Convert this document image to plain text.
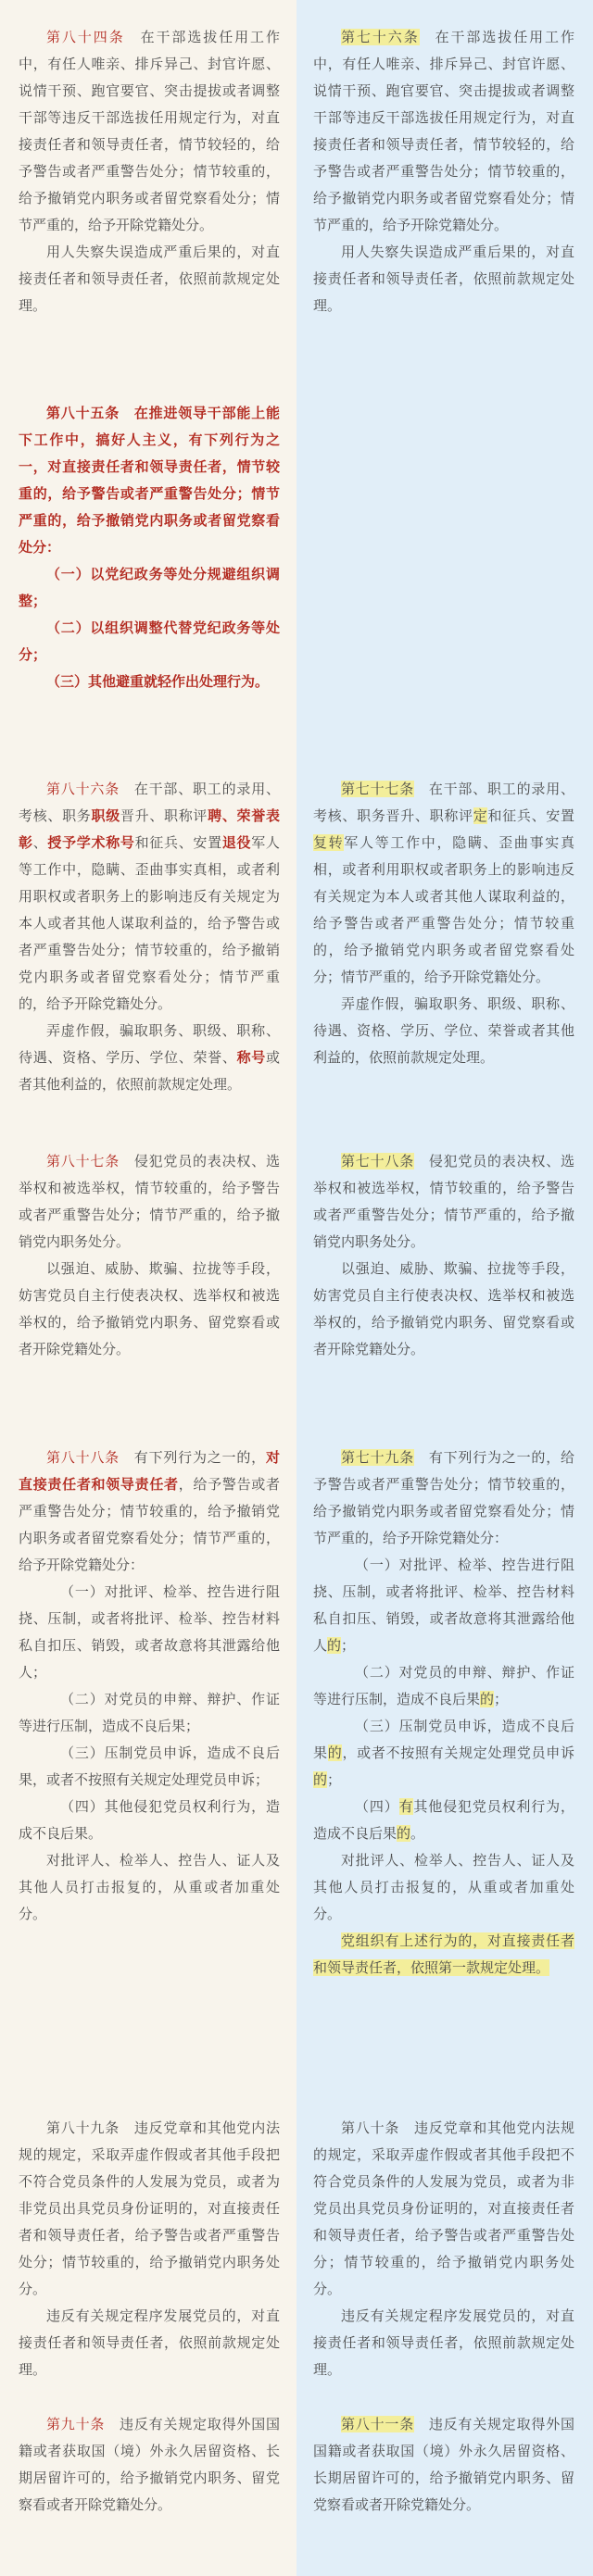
第八十四条　 在干部选拔任用工作中，有任人唯亲、排斥异己、封官许愿、说情干预、跑官要官、突击提拔或者调整干部等违反干部选拔任用规定行为，对直接责任者和领导责任者，情节较轻的，给予警告或者严重警告处分；情节较重的，给予撤销党内职务或者留党察看处分；情节严重的，给予开除党籍处分。

用人失察失误造成严重后果的，对直接责任者和领导责任者，依照前款规定处理。

第八十五条　 在推进领导干部能上能下工作中，搞好人主义，有下列行为之一，对直接责任者和领导责任者，情节较重的，给予警告或者严重警告处分；情节严重的，给予撤销党内职务或者留党察看处分：

（一）以党纪政务等处分规避组织调整；

（二）以组织调整代替党纪政务等处分；

（三）其他避重就轻作出处理行为。

第八十六条　 在干部、职工的录用、考核、职务职级晋升、职称评聘、荣誉表彰、授予学术称号和征兵、安置退役军人等工作中，隐瞒、歪曲事实真相，或者利用职权或者职务上的影响违反有关规定为本人或者其他人谋取利益的，给予警告或者严重警告处分；情节较重的，给予撤销党内职务或者留党察看处分；情节严重的，给予开除党籍处分。

弄虚作假，骗取职务、职级、职称、待遇、资格、学历、学位、荣誉、称号或者其他利益的，依照前款规定处理。

第八十七条　 侵犯党员的表决权、选举权和被选举权，情节较重的，给予警告或者严重警告处分；情节严重的，给予撤销党内职务处分。

以强迫、威胁、欺骗、拉拢等手段，妨害党员自主行使表决权、选举权和被选举权的，给予撤销党内职务、留党察看或者开除党籍处分。

第八十八条　 有下列行为之一的，对直接责任者和领导责任者，给予警告或者严重警告处分；情节较重的，给予撤销党内职务或者留党察看处分；情节严重的，给予开除党籍处分：

（一）对批评、检举、控告进行阻挠、压制，或者将批评、检举、控告材料私自扣压、销毁，或者故意将其泄露给他人；

（二）对党员的申辩、辩护、作证等进行压制，造成不良后果；

（三）压制党员申诉，造成不良后果，或者不按照有关规定处理党员申诉；

（四）其他侵犯党员权利行为，造成不良后果。

对批评人、检举人、控告人、证人及其他人员打击报复的，从重或者加重处分。

第八十九条　 违反党章和其他党内法规的规定，采取弄虚作假或者其他手段把不符合党员条件的人发展为党员，或者为非党员出具党员身份证明的，对直接责任者和领导责任者，给予警告或者严重警告处分；情节较重的，给予撤销党内职务处分。

违反有关规定程序发展党员的，对直接责任者和领导责任者，依照前款规定处理。

第九十条　 违反有关规定取得外国国籍或者获取国（境）外永久居留资格、长期居留许可的，给予撤销党内职务、留党察看或者开除党籍处分。

第七十六条　 在干部选拔任用工作中，有任人唯亲、排斥异己、封官许愿、说情干预、跑官要官、突击提拔或者调整干部等违反干部选拔任用规定行为，对直接责任者和领导责任者，情节较轻的，给予警告或者严重警告处分；情节较重的，给予撤销党内职务或者留党察看处分；情节严重的，给予开除党籍处分。

用人失察失误造成严重后果的，对直接责任者和领导责任者，依照前款规定处理。

第七十七条　 在干部、职工的录用、考核、职务晋升、职称评定和征兵、安置复转军人等工作中，隐瞒、歪曲事实真相，或者利用职权或者职务上的影响违反有关规定为本人或者其他人谋取利益的，给予警告或者严重警告处分；情节较重的，给予撤销党内职务或者留党察看处分；情节严重的，给予开除党籍处分。

弄虚作假，骗取职务、职级、职称、待遇、资格、学历、学位、荣誉或者其他利益的，依照前款规定处理。

第七十八条　 侵犯党员的表决权、选举权和被选举权，情节较重的，给予警告或者严重警告处分；情节严重的，给予撤销党内职务处分。

以强迫、威胁、欺骗、拉拢等手段，妨害党员自主行使表决权、选举权和被选举权的，给予撤销党内职务、留党察看或者开除党籍处分。

第七十九条　 有下列行为之一的，给予警告或者严重警告处分；情节较重的，给予撤销党内职务或者留党察看处分；情节严重的，给予开除党籍处分：

（一）对批评、检举、控告进行阻挠、压制，或者将批评、检举、控告材料私自扣压、销毁，或者故意将其泄露给他人的；

（二）对党员的申辩、辩护、作证等进行压制，造成不良后果的；

（三）压制党员申诉，造成不良后果的，或者不按照有关规定处理党员申诉的；

（四）有其他侵犯党员权利行为，造成不良后果的。

对批评人、检举人、控告人、证人及其他人员打击报复的，从重或者加重处分。

党组织有上述行为的，对直接责任者和领导责任者，依照第一款规定处理。

第八十条　 违反党章和其他党内法规的规定，采取弄虚作假或者其他手段把不符合党员条件的人发展为党员，或者为非党员出具党员身份证明的，对直接责任者和领导责任者，给予警告或者严重警告处分；情节较重的，给予撤销党内职务处分。

违反有关规定程序发展党员的，对直接责任者和领导责任者，依照前款规定处理。

第八十一条　 违反有关规定取得外国国籍或者获取国（境）外永久居留资格、长期居留许可的，给予撤销党内职务、留党察看或者开除党籍处分。
